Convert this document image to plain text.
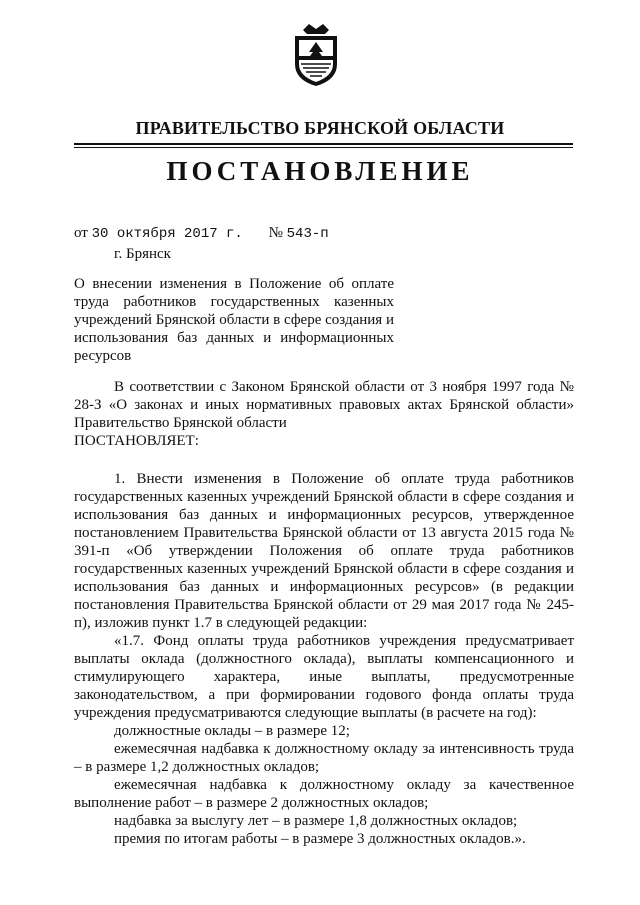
ПРАВИТЕЛЬСТВО БРЯНСКОЙ ОБЛАСТИ
ПОСТАНОВЛЕНИЕ
от 30 октября 2017 г. № 543-п
г. Брянск
О внесении изменения в Положение об оплате труда работников государственных казенных учреждений Брянской области в сфере создания и использования баз данных и информационных ресурсов

В соответствии с Законом Брянской области от 3 ноября 1997 года № 28-З «О законах и иных нормативных правовых актах Брянской области» Правительство Брянской области

ПОСТАНОВЛЯЕТ:

1. Внести изменения в Положение об оплате труда работников государственных казенных учреждений Брянской области в сфере создания и использования баз данных и информационных ресурсов, утвержденное постановлением Правительства Брянской области от 13 августа 2015 года № 391-п «Об утверждении Положения об оплате труда работников государственных казенных учреждений Брянской области в сфере создания и использования баз данных и информационных ресурсов» (в редакции постановления Правительства Брянской области от 29 мая 2017 года № 245-п), изложив пункт 1.7 в следующей редакции:

«1.7. Фонд оплаты труда работников учреждения предусматривает выплаты оклада (должностного оклада), выплаты компенсационного и стимулирующего характера, иные выплаты, предусмотренные законодательством, а при формировании годового фонда оплаты труда учреждения предусматриваются следующие выплаты (в расчете на год):

должностные оклады – в размере 12;

ежемесячная надбавка к должностному окладу за интенсивность труда – в размере 1,2 должностных окладов;

ежемесячная надбавка к должностному окладу за качественное выполнение работ – в размере 2 должностных окладов;

надбавка за выслугу лет – в размере 1,8 должностных окладов;

премия по итогам работы – в размере 3 должностных окладов.».
